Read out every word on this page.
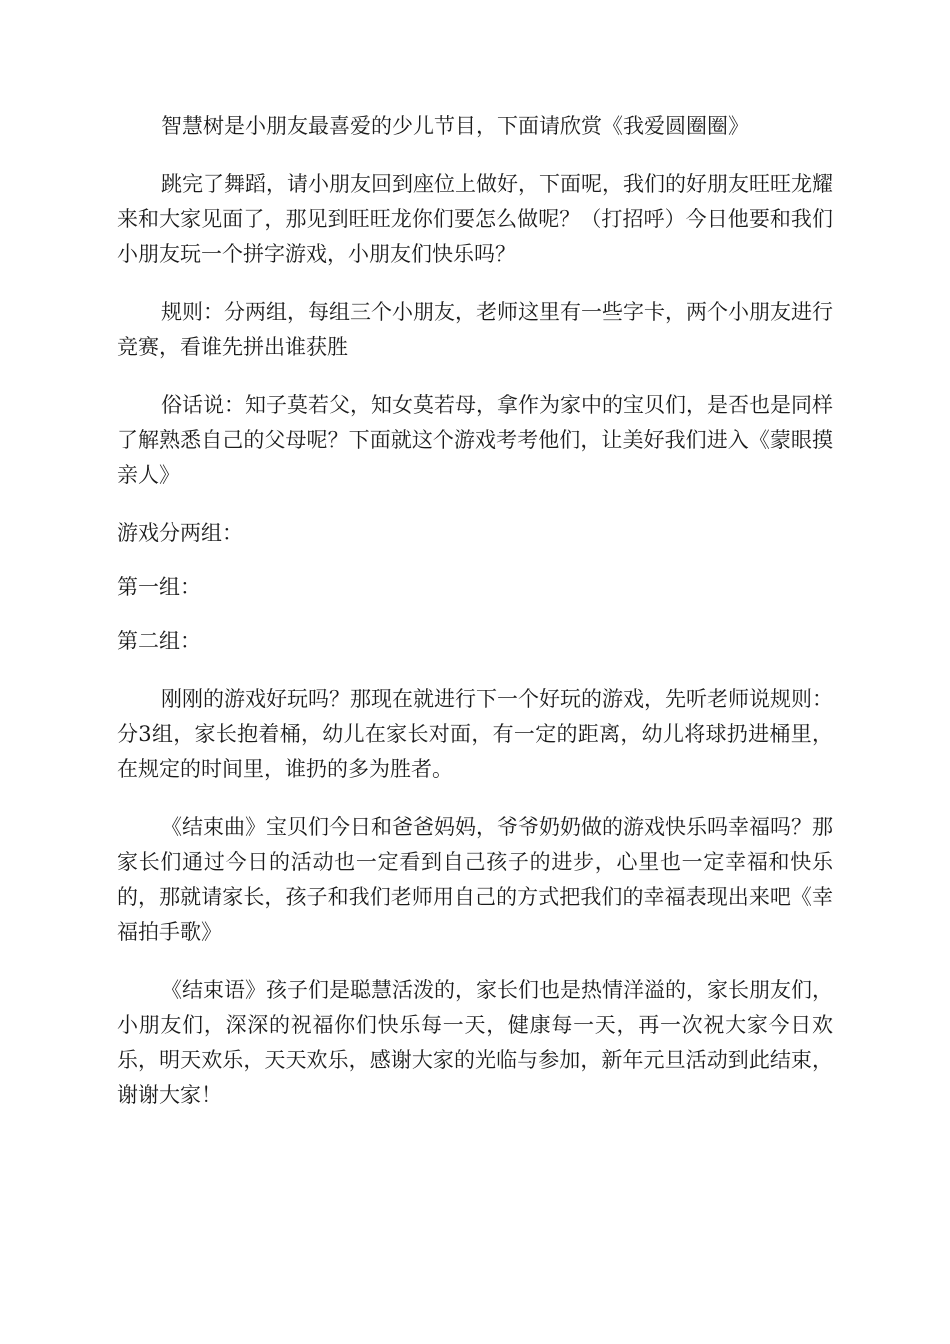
智慧树是小朋友最喜爱的少儿节目，下面请欣赏《我爱圆圈圈》

跳完了舞蹈，请小朋友回到座位上做好，下面呢，我们的好朋友旺旺龙耀来和大家见面了，那见到旺旺龙你们要怎么做呢？（打招呼）今日他要和我们小朋友玩一个拼字游戏，小朋友们快乐吗？

规则：分两组，每组三个小朋友，老师这里有一些字卡，两个小朋友进行竞赛，看谁先拼出谁获胜

俗话说：知子莫若父，知女莫若母，拿作为家中的宝贝们，是否也是同样了解熟悉自己的父母呢？下面就这个游戏考考他们，让美好我们进入《蒙眼摸亲人》

游戏分两组：

第一组：

第二组：

刚刚的游戏好玩吗？那现在就进行下一个好玩的游戏，先听老师说规则：分3组，家长抱着桶，幼儿在家长对面，有一定的距离，幼儿将球扔进桶里，在规定的时间里，谁扔的多为胜者。

《结束曲》宝贝们今日和爸爸妈妈，爷爷奶奶做的游戏快乐吗幸福吗？那家长们通过今日的活动也一定看到自己孩子的进步，心里也一定幸福和快乐的，那就请家长，孩子和我们老师用自己的方式把我们的幸福表现出来吧《幸福拍手歌》

《结束语》孩子们是聪慧活泼的，家长们也是热情洋溢的，家长朋友们，小朋友们，深深的祝福你们快乐每一天，健康每一天，再一次祝大家今日欢乐，明天欢乐，天天欢乐，感谢大家的光临与参加，新年元旦活动到此结束，谢谢大家！
